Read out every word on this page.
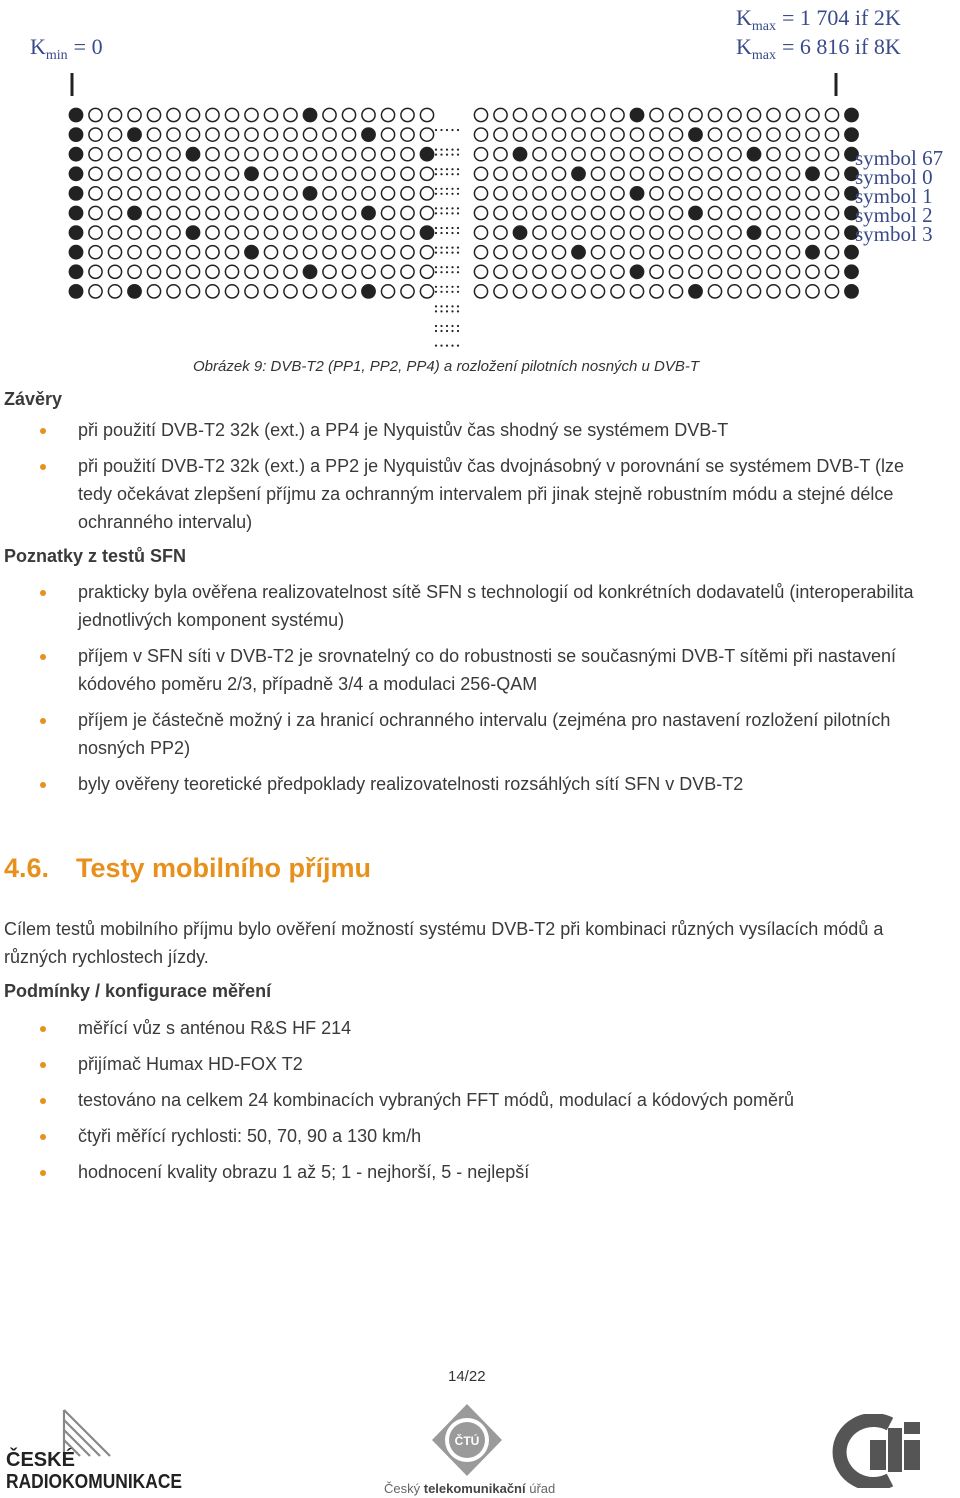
$K_{min} = 0$
$K_{max} = 1$ 704 if 2K
$K_{max} = 6$ 816 if 8K
symbol 67
symbol 0
symbol 1
symbol 2
symbol 3
Obrázek 9: DVB-T2 (PP1, PP2, PP4) a rozložení pilotních nosných u DVB-T
Závěry
při použití DVB-T2 32k (ext.) a PP4 je Nyquistův čas shodný se systémem DVB-T
při použití DVB-T2 32k (ext.) a PP2 je Nyquistův čas dvojnásobný v porovnání se systémem DVB-T (lze tedy očekávat zlepšení příjmu za ochranným intervalem při jinak stejně robustním módu a stejné délce ochranného intervalu)
Poznatky z testů SFN
prakticky byla ověřena realizovatelnost sítě SFN s technologií od konkrétních dodavatelů (interoperabilita jednotlivých komponent systému)
příjem v SFN síti v DVB-T2 je srovnatelný co do robustnosti se současnými DVB-T sítěmi při nastavení kódového poměru 2/3, případně 3/4 a modulaci 256-QAM
příjem je částečně možný i za hranicí ochranného intervalu (zejména pro nastavení rozložení pilotních nosných PP2)
byly ověřeny teoretické předpoklady realizovatelnosti rozsáhlých sítí SFN v DVB-T2
4.6. Testy mobilního příjmu
Cílem testů mobilního příjmu bylo ověření možností systému DVB-T2 při kombinaci různých vysílacích módů a různých rychlostech jízdy.
Podmínky / konfigurace měření
měřící vůz s anténou R&S HF 214
přijímač Humax HD-FOX T2
testováno na celkem 24 kombinacích vybraných FFT módů, modulací a kódových poměrů
čtyři měřící rychlosti: 50, 70, 90 a 130 km/h
hodnocení kvality obrazu 1 až 5; 1 - nejhorší, 5 - nejlepší
14/22
ČESKÉ
RADIOKOMUNIKACE
ČTÚ
Český telekomunikační úřad
ČMI
